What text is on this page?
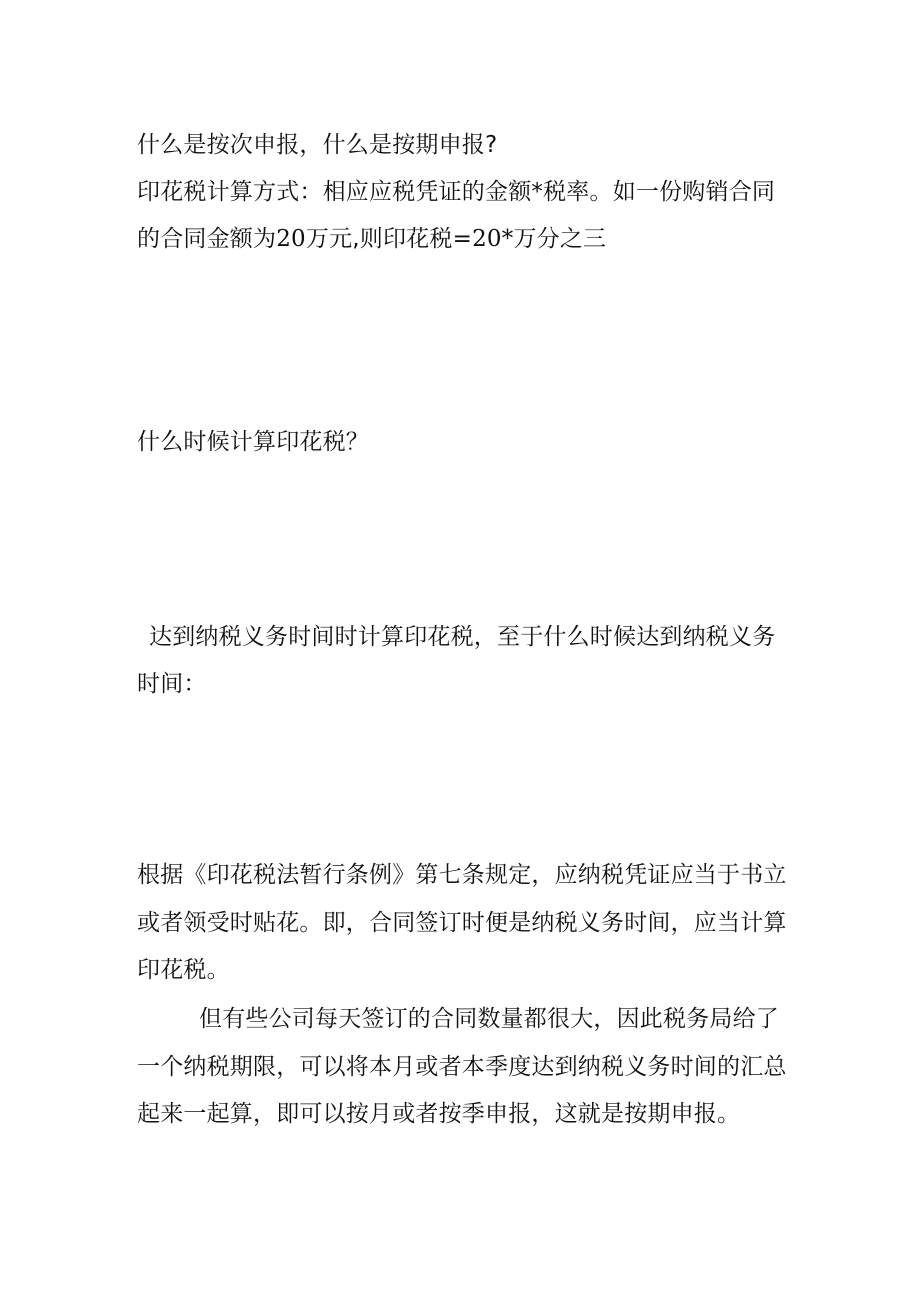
什么是按次申报，什么是按期申报?
印花税计算方式：相应应税凭证的金额*税率。如一份购销合同
的合同金额为20万元,则印花税=20*万分之三
什么时候计算印花税？
达到纳税义务时间时计算印花税，至于什么时候达到纳税义务
时间：
根据《印花税法暂行条例》第七条规定，应纳税凭证应当于书立
或者领受时贴花。即，合同签订时便是纳税义务时间，应当计算
印花税。
但有些公司每天签订的合同数量都很大，因此税务局给了
一个纳税期限，可以将本月或者本季度达到纳税义务时间的汇总
起来一起算，即可以按月或者按季申报，这就是按期申报。
